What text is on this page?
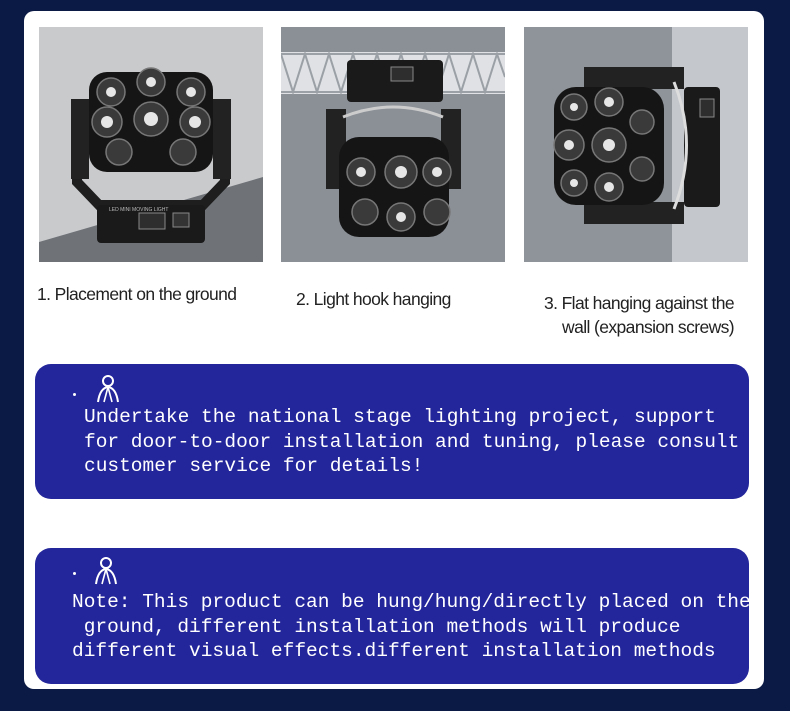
LED MINI MOVING LIGHT
1. Placement on the ground	2. Light hook hanging	3. Flat hanging against the
wall (expansion screws)
Undertake the national stage lighting project, support
for door-to-door installation and tuning, please consult
customer service for details!
Note: This product can be hung/hung/directly placed on the
ground, different installation methods will produce
different visual effects.different installation methods
